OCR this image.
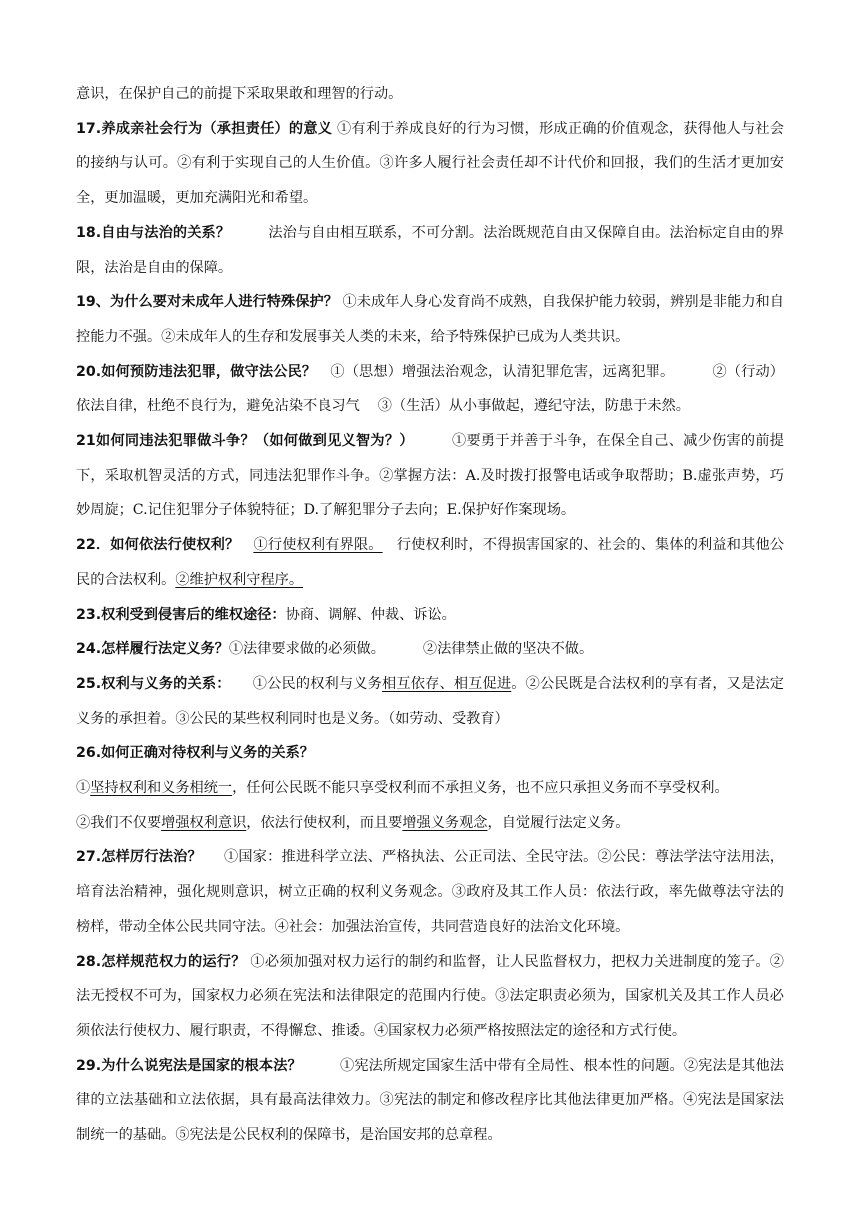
意识，在保护自己的前提下采取果敢和理智的行动。

17.养成亲社会行为（承担责任）的意义 ①有利于养成良好的行为习惯，形成正确的价值观念，获得他人与社会的接纳与认可。②有利于实现自己的人生价值。③许多人履行社会责任却不计代价和回报，我们的生活才更加安全，更加温暖，更加充满阳光和希望。

18.自由与法治的关系？	法治与自由相互联系，不可分割。法治既规范自由又保障自由。法治标定自由的界限，法治是自由的保障。

19、为什么要对未成年人进行特殊保护？ ①未成年人身心发育尚不成熟，自我保护能力较弱，辨别是非能力和自控能力不强。②未成年人的生存和发展事关人类的未来，给予特殊保护已成为人类共识。

20.如何预防违法犯罪，做守法公民？ ①（思想）增强法治观念，认清犯罪危害，远离犯罪。	②（行动）依法自律，杜绝不良行为，避免沾染不良习气 ③（生活）从小事做起，遵纪守法，防患于未然。

21如何同违法犯罪做斗争？（如何做到见义智为？）	①要勇于并善于斗争，在保全自己、减少伤害的前提下，采取机智灵活的方式，同违法犯罪作斗争。②掌握方法：A.及时拨打报警电话或争取帮助；B.虚张声势，巧妙周旋；C.记住犯罪分子体貌特征；D.了解犯罪分子去向；E.保护好作案现场。

22．如何依法行使权利？ ①行使权利有界限。 行使权利时，不得损害国家的、社会的、集体的利益和其他公民的合法权利。②维护权利守程序。

23.权利受到侵害后的维权途径：协商、调解、仲裁、诉讼。

24.怎样履行法定义务？①法律要求做的必须做。	②法律禁止做的坚决不做。

25.权利与义务的关系： ①公民的权利与义务相互依存、相互促进。②公民既是合法权利的享有者，又是法定义务的承担着。③公民的某些权利同时也是义务。（如劳动、受教育）

26.如何正确对待权利与义务的关系？

①坚持权利和义务相统一，任何公民既不能只享受权利而不承担义务，也不应只承担义务而不享受权利。

②我们不仅要增强权利意识，依法行使权利，而且要增强义务观念，自觉履行法定义务。

27.怎样厉行法治？ ①国家：推进科学立法、严格执法、公正司法、全民守法。②公民：尊法学法守法用法，培育法治精神，强化规则意识，树立正确的权利义务观念。③政府及其工作人员：依法行政，率先做尊法守法的榜样，带动全体公民共同守法。④社会：加强法治宣传，共同营造良好的法治文化环境。

28.怎样规范权力的运行？ ①必须加强对权力运行的制约和监督，让人民监督权力，把权力关进制度的笼子。②法无授权不可为，国家权力必须在宪法和法律限定的范围内行使。③法定职责必须为，国家机关及其工作人员必须依法行使权力、履行职责，不得懈怠、推诿。④国家权力必须严格按照法定的途径和方式行使。

29.为什么说宪法是国家的根本法？	①宪法所规定国家生活中带有全局性、根本性的问题。②宪法是其他法律的立法基础和立法依据，具有最高法律效力。③宪法的制定和修改程序比其他法律更加严格。④宪法是国家法制统一的基础。⑤宪法是公民权利的保障书，是治国安邦的总章程。
